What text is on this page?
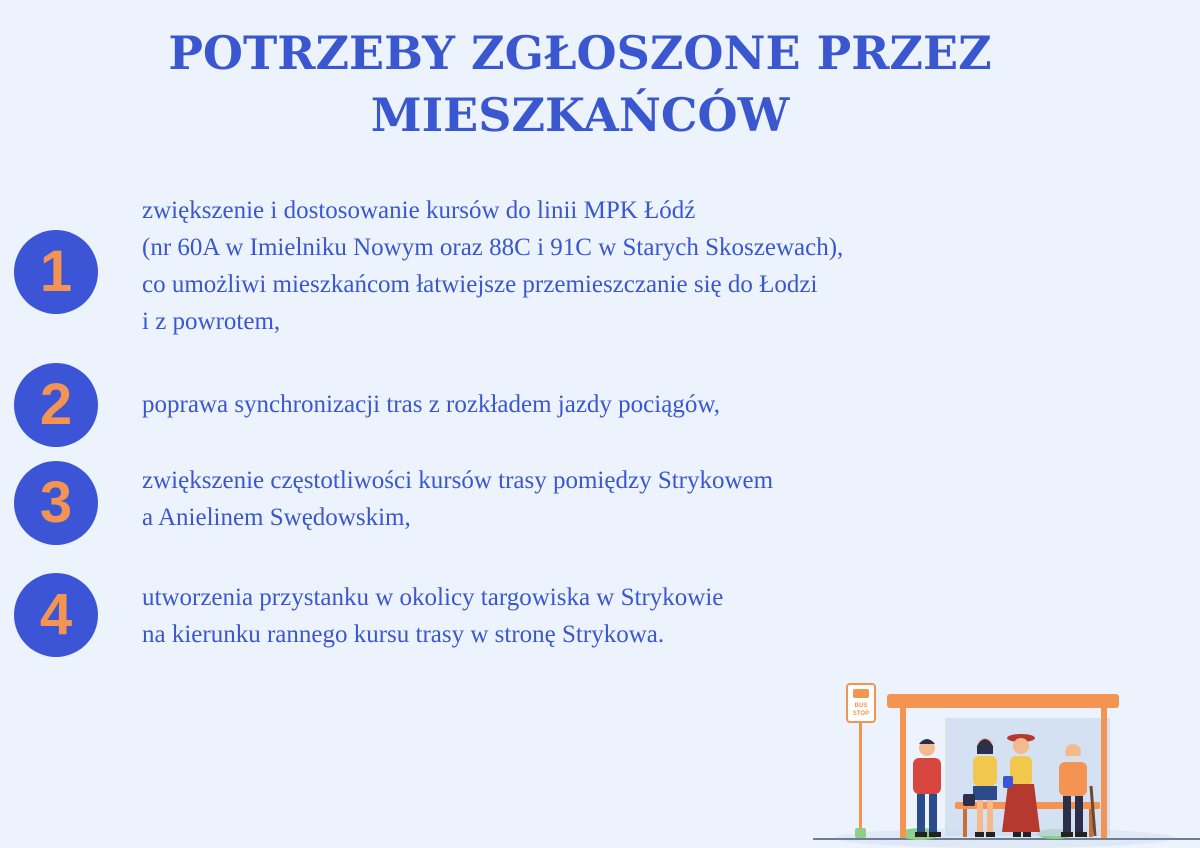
POTRZEBY ZGŁOSZONE PRZEZ
MIESZKAŃCÓW
1
zwiększenie i dostosowanie kursów do linii MPK Łódź
(nr 60A w Imielniku Nowym oraz 88C i 91C w Starych Skoszewach),
co umożliwi mieszkańcom łatwiejsze przemieszczanie się do Łodzi
i z powrotem,
2	poprawa synchronizacji tras z rozkładem jazdy pociągów,
3	zwiększenie częstotliwości kursów trasy pomiędzy Strykowem
a Anielinem Swędowskim,
4	utworzenia przystanku w okolicy targowiska w Strykowie
na kierunku rannego kursu trasy w stronę Strykowa.
BUS
STOP
